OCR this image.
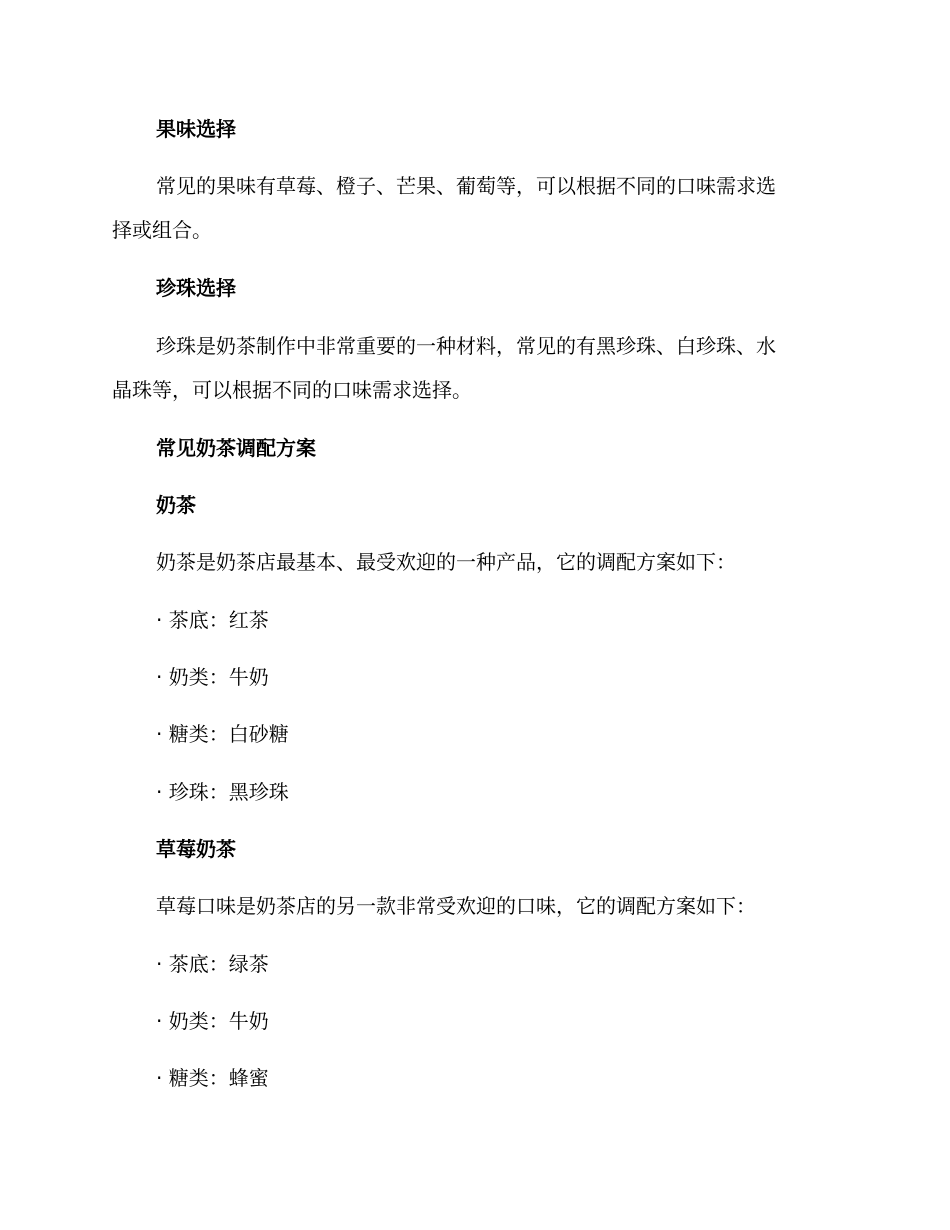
果味选择
常见的果味有草莓、橙子、芒果、葡萄等，可以根据不同的口味需求选
择或组合。
珍珠选择
珍珠是奶茶制作中非常重要的一种材料，常见的有黑珍珠、白珍珠、水
晶珠等，可以根据不同的口味需求选择。
常见奶茶调配方案
奶茶
奶茶是奶茶店最基本、最受欢迎的一种产品，它的调配方案如下：
· 茶底：红茶
· 奶类：牛奶
· 糖类：白砂糖
· 珍珠：黑珍珠
草莓奶茶
草莓口味是奶茶店的另一款非常受欢迎的口味，它的调配方案如下：
· 茶底：绿茶
· 奶类：牛奶
· 糖类：蜂蜜
